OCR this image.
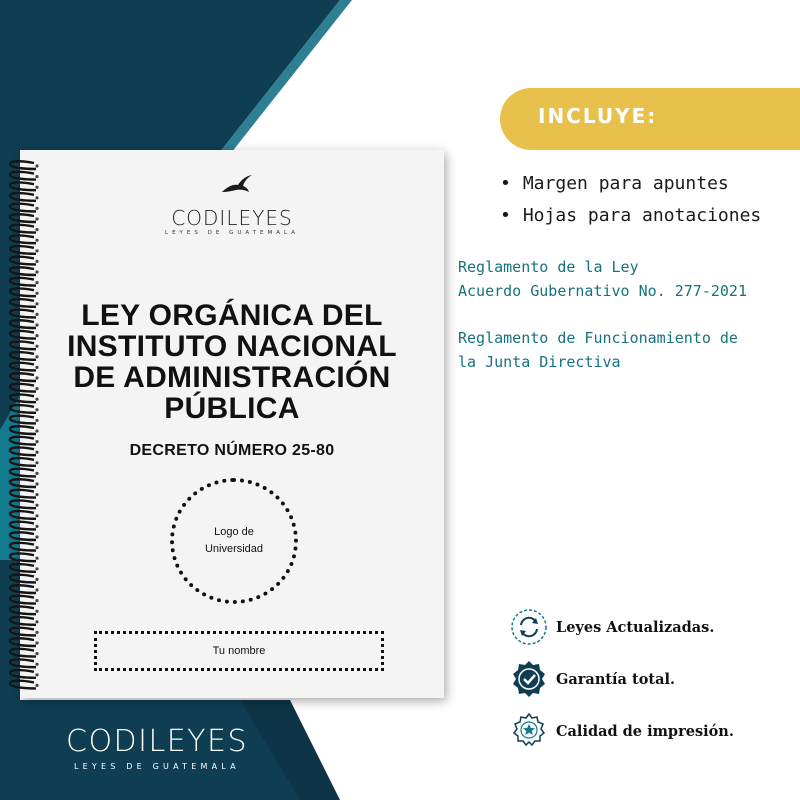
CODILEYES
LEYES DE GUATEMALA
LEY ORGÁNICA DEL INSTITUTO NACIONAL DE ADMINISTRACIÓN PÚBLICA
DECRETO NÚMERO 25-80
Logo de
Universidad
Tu nombre
INCLUYE:
• Margen para apuntes
• Hojas para anotaciones
Reglamento de la Ley
Acuerdo Gubernativo No. 277-2021
Reglamento de Funcionamiento de
la Junta Directiva
Leyes Actualizadas.
Garantía total.
Calidad de impresión.
CODILEYES
LEYES DE GUATEMALA
